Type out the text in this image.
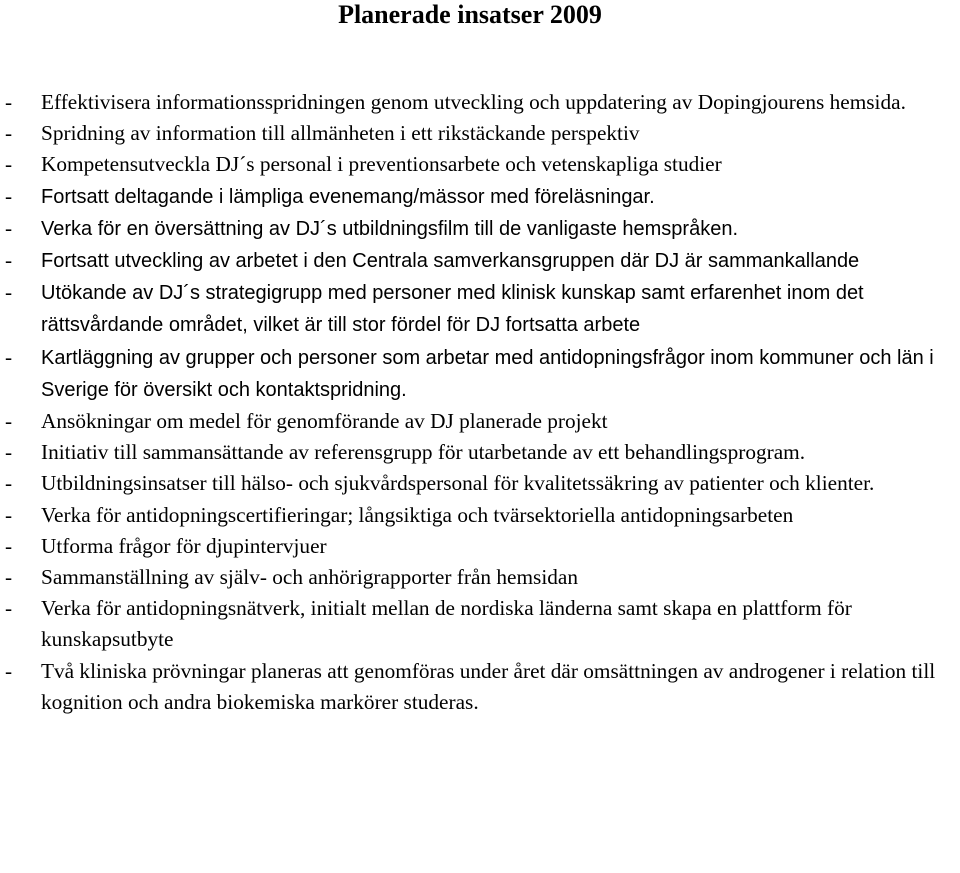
Planerade insatser 2009
- Effektivisera informationsspridningen genom utveckling och uppdatering av Dopingjourens hemsida.
- Spridning av information till allmänheten i ett rikstäckande perspektiv
- Kompetensutveckla DJ´s personal i preventionsarbete och vetenskapliga studier
- Fortsatt deltagande i lämpliga evenemang/mässor med föreläsningar.
- Verka för en översättning av DJ´s utbildningsfilm till de vanligaste hemspråken.
- Fortsatt utveckling av arbetet i den Centrala samverkansgruppen där DJ är sammankallande
- Utökande av DJ´s strategigrupp med personer med klinisk kunskap samt erfarenhet inom det rättsvårdande området, vilket är till stor fördel för DJ fortsatta arbete
- Kartläggning av grupper och personer som arbetar med antidopningsfrågor inom kommuner och län i Sverige för översikt och kontaktspridning.
- Ansökningar om medel för genomförande av DJ planerade projekt
- Initiativ till sammansättande av referensgrupp för utarbetande av ett behandlingsprogram.
- Utbildningsinsatser till hälso- och sjukvårdspersonal för kvalitetssäkring av patienter och klienter.
- Verka för antidopningscertifieringar; långsiktiga och tvärsektoriella antidopningsarbeten
- Utforma frågor för djupintervjuer
- Sammanställning av själv- och anhörigrapporter från hemsidan
- Verka för antidopningsnätverk, initialt mellan de nordiska länderna samt skapa en plattform för kunskapsutbyte
- Två kliniska prövningar planeras att genomföras under året där omsättningen av androgener i relation till kognition och andra biokemiska markörer studeras.
